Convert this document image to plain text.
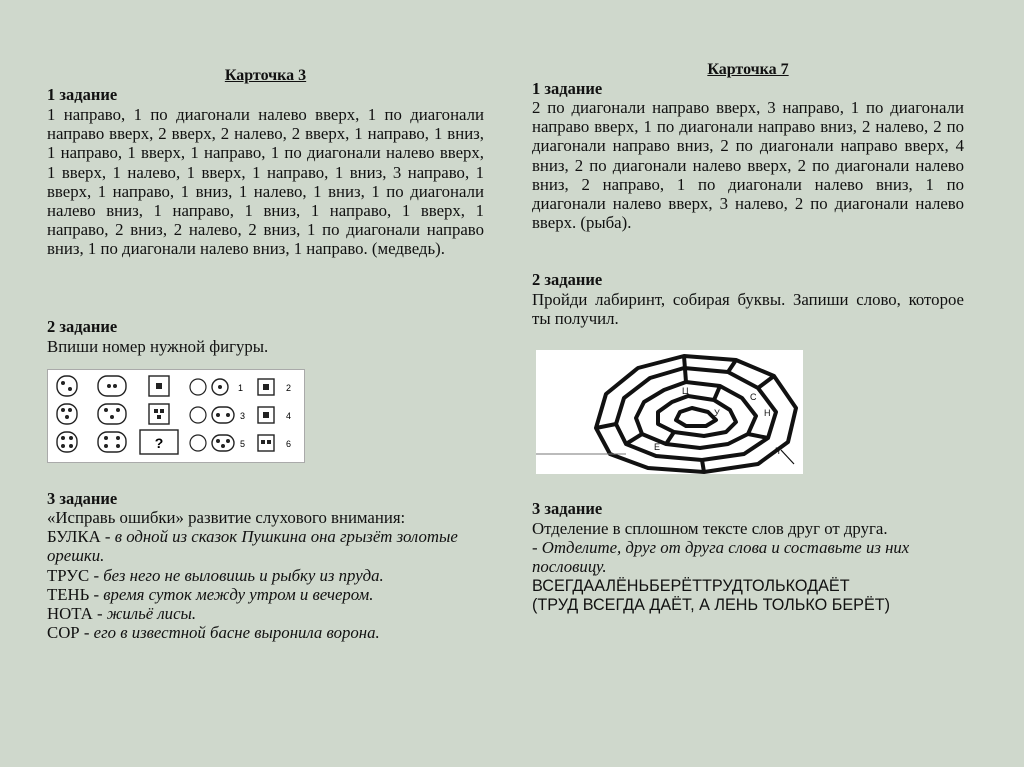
Карточка 3
1 задание
1 направо, 1 по диагонали налево вверх, 1 по диагонали направо вверх, 2 вверх, 2 налево, 2 вверх, 1 направо, 1 вниз, 1 направо, 1 вверх, 1 направо, 1 по диагонали налево вверх, 1 вверх, 1 налево, 1 вверх, 1 направо, 1 вниз, 3 направо, 1 вверх, 1 направо, 1 вниз, 1 налево, 1 вниз, 1 по диагонали налево вниз, 1 направо, 1 вниз, 1 направо, 1 вверх, 1 направо, 2 вниз, 2 налево, 2 вниз, 1 по диагонали направо вниз, 1 по диагонали налево вниз, 1 направо. (медведь).
2 задание
Впиши номер нужной фигуры.
?
1	2
3	4
5	6
3 задание
«Исправь ошибки» развитие слухового внимания:
БУЛКА - в одной из сказок Пушкина она грызёт золотые орешки.
ТРУС - без него не выловишь и рыбку из пруда.
ТЕНЬ - время суток между утром и вечером.
НОТА - жильё лисы.
СОР - его в известной басне выронила ворона.
Карточка 7
1 задание
2 по диагонали направо вверх, 3 направо, 1 по диагонали направо вверх, 1 по диагонали направо вниз, 2 налево, 2 по диагонали направо вниз, 2 по диагонали направо вверх, 4 вниз, 2 по диагонали налево вверх, 2 по диагонали налево вниз, 2 направо, 1 по диагонали налево вниз, 1 по диагонали налево вверх, 3 налево, 2 по диагонали налево вверх. (рыба).
2 задание
Пройди лабиринт, собирая буквы. Запиши слово, которое ты получил.
С
Н
Ц
У
Е	Л
3 задание
Отделение в сплошном тексте слов друг от друга.
- Отделите, друг от друга слова и составьте из них пословицу.
ВСЕГДААЛЁНЬБЕРЁТТРУДТОЛЬКОДАЁТ
(ТРУД ВСЕГДА ДАЁТ, А ЛЕНЬ ТОЛЬКО БЕРЁТ)
